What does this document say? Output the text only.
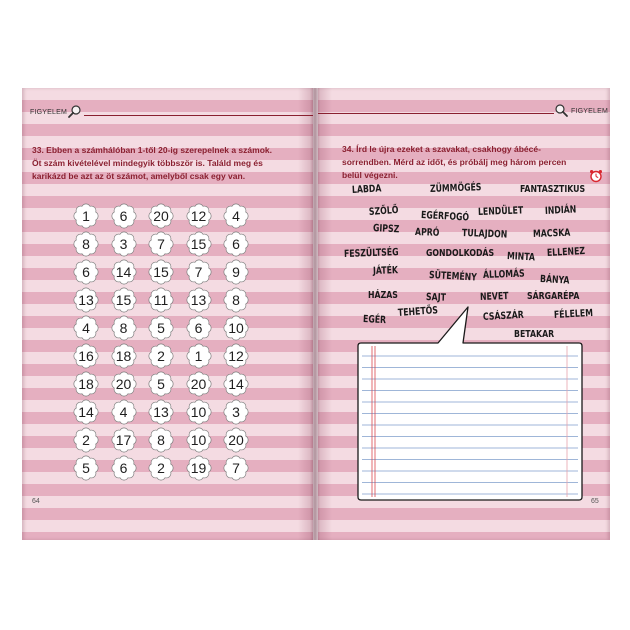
FIGYELEM	FIGYELEM
33. Ebben a számhálóban 1-től 20-ig szerepelnek a számok.
Öt szám kivételével mindegyik többször is. Találd meg és
karikázd be azt az öt számot, amelyből csak egy van.
1	6	20	12	4
8	3	7	15	6
6	14	15	7	9
13	15	11	13	8
4	8	5	6	10
16	18	2	1	12
18	20	5	20	14
14	4	13	10	3
2	17	8	10	20
5	6	2	19	7
64
34. Írd le újra ezeket a szavakat, csakhogy ábécé-
sorrendben. Mérd az időt, és próbálj meg három percen
belül végezni.
LABDA	ZÜMMÖGÉS	FANTASZTIKUS
SZŐLŐ EGÉRFOGÓ LENDÜLET INDIÁN
GIPSZ APRÓ TULAJDON	MACSKA
FESZÜLTSÉG	GONDOLKODÁS MINTA ELLENEZ
JÁTÉK	SÜTEMÉNY ÁLLOMÁS BÁNYA
HÁZAS	SAJT	NEVET SÁRGARÉPA
EGÉR
TEHETŐS	CSÁSZÁR	FÉLELEM
BETAKAR
65
